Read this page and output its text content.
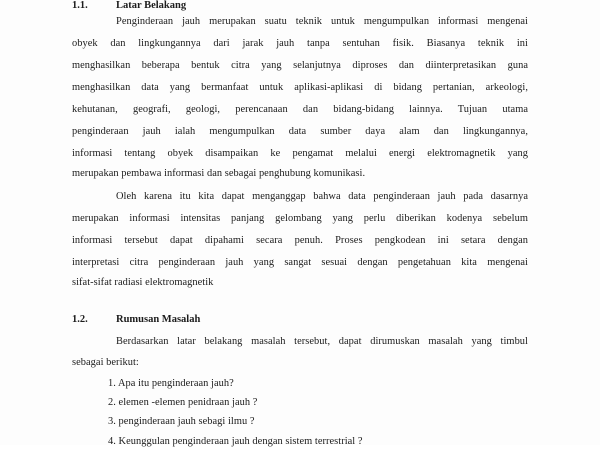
1.1.	Latar Belakang
Penginderaan jauh merupakan suatu teknik untuk mengumpulkan informasi mengenai
obyek dan lingkungannya dari jarak jauh tanpa sentuhan fisik. Biasanya teknik ini
menghasilkan beberapa bentuk citra yang selanjutnya diproses dan diinterpretasikan guna
menghasilkan data yang bermanfaat untuk aplikasi-aplikasi di bidang pertanian, arkeologi,
kehutanan, geografi, geologi, perencanaan dan bidang-bidang lainnya. Tujuan utama
penginderaan jauh ialah mengumpulkan data sumber daya alam dan lingkungannya,
informasi tentang obyek disampaikan ke pengamat melalui energi elektromagnetik yang
merupakan pembawa informasi dan sebagai penghubung komunikasi.
Oleh karena itu kita dapat menganggap bahwa data penginderaan jauh pada dasarnya
merupakan informasi intensitas panjang gelombang yang perlu diberikan kodenya sebelum
informasi tersebut dapat dipahami secara penuh. Proses pengkodean ini setara dengan
interpretasi citra penginderaan jauh yang sangat sesuai dengan pengetahuan kita mengenai
sifat-sifat radiasi elektromagnetik
1.2.	Rumusan Masalah
Berdasarkan latar belakang masalah tersebut, dapat dirumuskan masalah yang timbul
sebagai berikut:
1. Apa itu penginderaan jauh?
2. elemen -elemen penidraan jauh ?
3. penginderaan jauh sebagi ilmu ?
4. Keunggulan penginderaan jauh dengan sistem terrestrial ?
